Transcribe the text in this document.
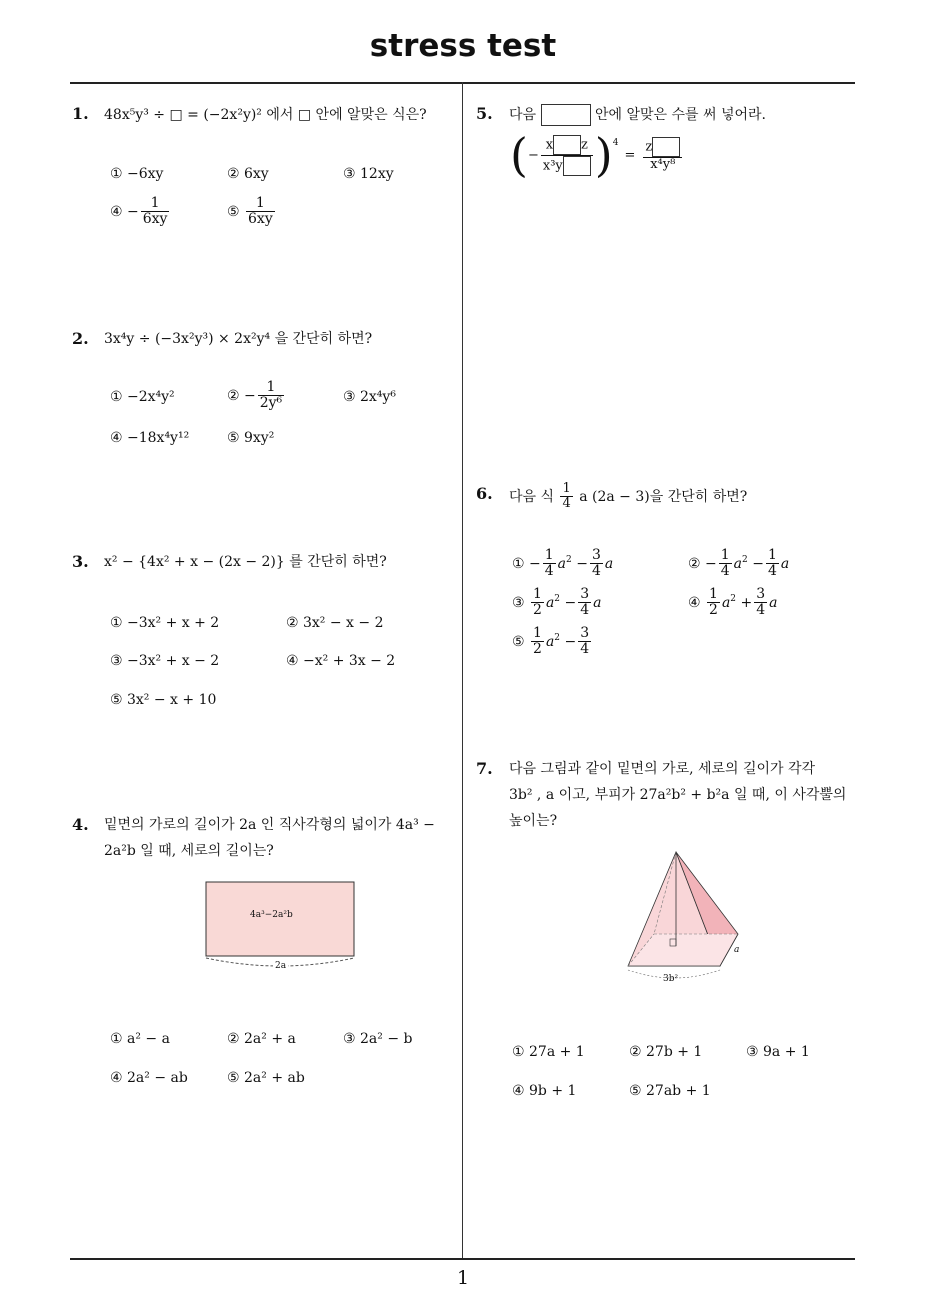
stress test
1
1. 48x⁵y³ ÷ □ = (−2x²y)² 에서 □ 안에 알맞은 식은?
① −6xy	② 6xy	③ 12xy
④ − $\frac{1}{6xy}$	⑤ $\frac{1}{6xy}$
2. 3x⁴y ÷ (−3x²y³) × 2x²y⁴ 을 간단히 하면?
① −2x⁴y²	② − $\frac{1}{\text{2y⁶}}$	③ 2x⁴y⁶
④ −18x⁴y¹²	⑤ 9xy²
3. x² − {4x² + x − (2x − 2)} 를 간단히 하면?
① −3x² + x + 2	② 3x² − x − 2
③ −3x² + x − 2	④ −x² + 3x − 2
⑤ 3x² − x + 10
4. 밑면의 가로의 길이가 2a 인 직사각형의 넓이가 4a³ −
2a²b 일 때, 세로의 길이는?
4a³−2a²b
2a
① a² − a	② 2a² + a	③ 2a² − b
④ 2a² − ab	⑤ 2a² + ab
5. 다음	안에 알맞은 수를 써 넣어라.
( − $\frac{\text{x z}}{\text{x³y}}$ ) 4
= $\frac{z}{\text{x⁴y⁸}}$
6. 다음 식 $\frac{1}{4}$ a (2a − 3)을 간단히 하면?
① − $\frac{1}{4} a^2 - \frac{3}{4}$ a	② − $\frac{1}{4} a^2 - \frac{1}{4}$ a
③ $\frac{1}{2} a^2 - \frac{3}{4}$ a	④ $\frac{1}{2} a^2 + \frac{3}{4}$ a
⑤ $\frac{1}{2} a^2 - \frac{3}{4}$
7. 다음 그림과 같이 밑면의 가로, 세로의 길이가 각각
3b² , a 이고, 부피가 27a²b² + b²a 일 때, 이 사각뿔의
높이는?
3b²
a
① 27a + 1	② 27b + 1	③ 9a + 1
④ 9b + 1	⑤ 27ab + 1
